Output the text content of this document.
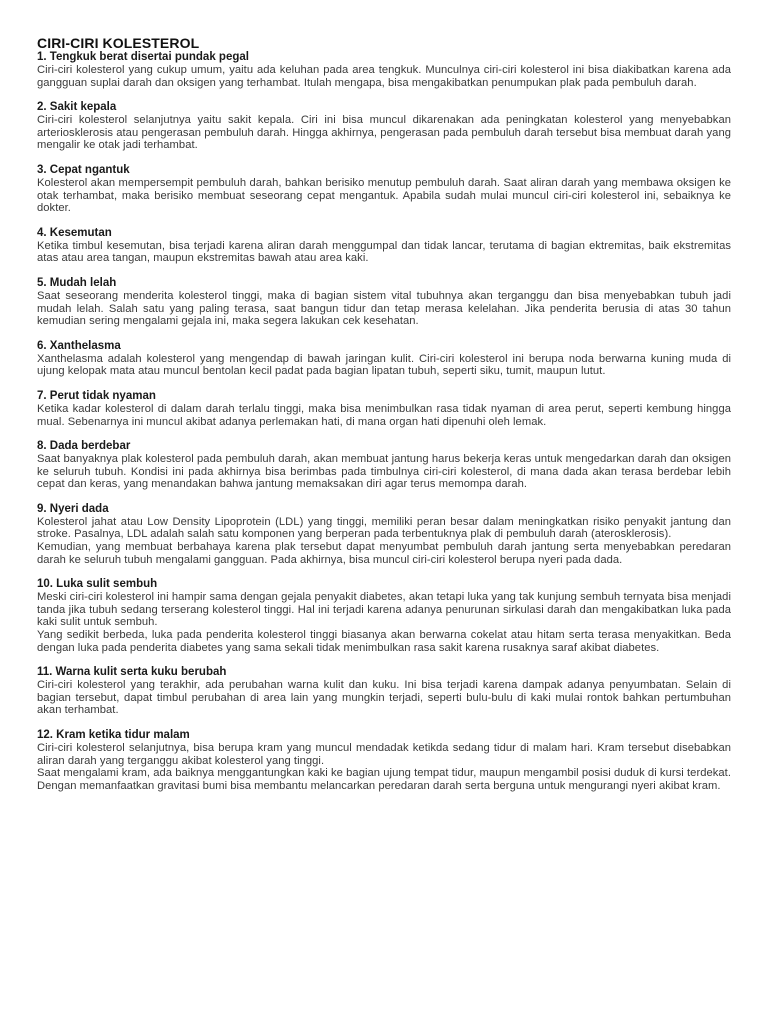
CIRI-CIRI KOLESTEROL
1. Tengkuk berat disertai pundak pegal

Ciri-ciri kolesterol yang cukup umum, yaitu ada keluhan pada area tengkuk. Munculnya ciri-ciri kolesterol ini bisa diakibatkan karena ada gangguan suplai darah dan oksigen yang terhambat. Itulah mengapa, bisa mengakibatkan penumpukan plak pada pembuluh darah.

2. Sakit kepala

Ciri-ciri kolesterol selanjutnya yaitu sakit kepala. Ciri ini bisa muncul dikarenakan ada peningkatan kolesterol yang menyebabkan arteriosklerosis atau pengerasan pembuluh darah. Hingga akhirnya, pengerasan pada pembuluh darah tersebut bisa membuat darah yang mengalir ke otak jadi terhambat.

3. Cepat ngantuk

Kolesterol akan mempersempit pembuluh darah, bahkan berisiko menutup pembuluh darah. Saat aliran darah yang membawa oksigen ke otak terhambat, maka berisiko membuat seseorang cepat mengantuk. Apabila sudah mulai muncul ciri-ciri kolesterol ini, sebaiknya ke dokter.

4. Kesemutan

Ketika timbul kesemutan, bisa terjadi karena aliran darah menggumpal dan tidak lancar, terutama di bagian ektremitas, baik ekstremitas atas atau area tangan, maupun ekstremitas bawah atau area kaki.

5. Mudah lelah

Saat seseorang menderita kolesterol tinggi, maka di bagian sistem vital tubuhnya akan terganggu dan bisa menyebabkan tubuh jadi mudah lelah. Salah satu yang paling terasa, saat bangun tidur dan tetap merasa kelelahan. Jika penderita berusia di atas 30 tahun kemudian sering mengalami gejala ini, maka segera lakukan cek kesehatan.

6. Xanthelasma

Xanthelasma adalah kolesterol yang mengendap di bawah jaringan kulit. Ciri-ciri kolesterol ini berupa noda berwarna kuning muda di ujung kelopak mata atau muncul bentolan kecil padat pada bagian lipatan tubuh, seperti siku, tumit, maupun lutut.

7. Perut tidak nyaman

Ketika kadar kolesterol di dalam darah terlalu tinggi, maka bisa menimbulkan rasa tidak nyaman di area perut, seperti kembung hingga mual. Sebenarnya ini muncul akibat adanya perlemakan hati, di mana organ hati dipenuhi oleh lemak.

8. Dada berdebar

Saat banyaknya plak kolesterol pada pembuluh darah, akan membuat jantung harus bekerja keras untuk mengedarkan darah dan oksigen ke seluruh tubuh. Kondisi ini pada akhirnya bisa berimbas pada timbulnya ciri-ciri kolesterol, di mana dada akan terasa berdebar lebih cepat dan keras, yang menandakan bahwa jantung memaksakan diri agar terus memompa darah.

9. Nyeri dada

Kolesterol jahat atau Low Density Lipoprotein (LDL) yang tinggi, memiliki peran besar dalam meningkatkan risiko penyakit jantung dan stroke. Pasalnya, LDL adalah salah satu komponen yang berperan pada terbentuknya plak di pembuluh darah (aterosklerosis).

Kemudian, yang membuat berbahaya karena plak tersebut dapat menyumbat pembuluh darah jantung serta menyebabkan peredaran darah ke seluruh tubuh mengalami gangguan. Pada akhirnya, bisa muncul ciri-ciri kolesterol berupa nyeri pada dada.

10. Luka sulit sembuh

Meski ciri-ciri kolesterol ini hampir sama dengan gejala penyakit diabetes, akan tetapi luka yang tak kunjung sembuh ternyata bisa menjadi tanda jika tubuh sedang terserang kolesterol tinggi. Hal ini terjadi karena adanya penurunan sirkulasi darah dan mengakibatkan luka pada kaki sulit untuk sembuh.

Yang sedikit berbeda, luka pada penderita kolesterol tinggi biasanya akan berwarna cokelat atau hitam serta terasa menyakitkan. Beda dengan luka pada penderita diabetes yang sama sekali tidak menimbulkan rasa sakit karena rusaknya saraf akibat diabetes.

11. Warna kulit serta kuku berubah

Ciri-ciri kolesterol yang terakhir, ada perubahan warna kulit dan kuku. Ini bisa terjadi karena dampak adanya penyumbatan. Selain di bagian tersebut, dapat timbul perubahan di area lain yang mungkin terjadi, seperti bulu-bulu di kaki mulai rontok bahkan pertumbuhan akan terhambat.

12. Kram ketika tidur malam

Ciri-ciri kolesterol selanjutnya, bisa berupa kram yang muncul mendadak ketikda sedang tidur di malam hari. Kram tersebut disebabkan aliran darah yang terganggu akibat kolesterol yang tinggi.

Saat mengalami kram, ada baiknya menggantungkan kaki ke bagian ujung tempat tidur, maupun mengambil posisi duduk di kursi terdekat. Dengan memanfaatkan gravitasi bumi bisa membantu melancarkan peredaran darah serta berguna untuk mengurangi nyeri akibat kram.
